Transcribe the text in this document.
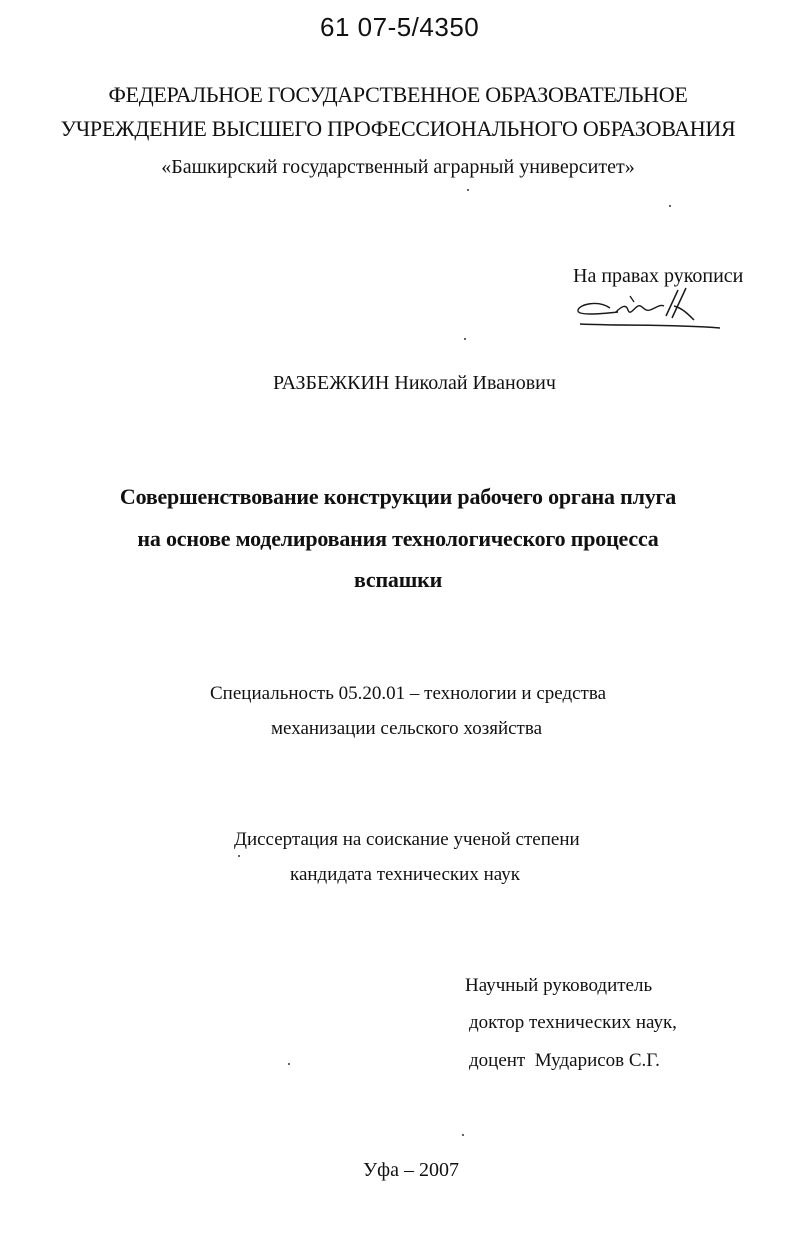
61 07-5/4350
ФЕДЕРАЛЬНОЕ ГОСУДАРСТВЕННОЕ ОБРАЗОВАТЕЛЬНОЕ
УЧРЕЖДЕНИЕ ВЫСШЕГО ПРОФЕССИОНАЛЬНОГО ОБРАЗОВАНИЯ
«Башкирский государственный аграрный университет»
На правах рукописи
РАЗБЕЖКИН Николай Иванович
Совершенствование конструкции рабочего органа плуга
на основе моделирования технологического процесса
вспашки
Специальность 05.20.01 – технологии и средства
механизации сельского хозяйства
Диссертация на соискание ученой степени
кандидата технических наук
Научный руководитель
доктор технических наук,
доцент  Мударисов С.Г.
Уфа – 2007
